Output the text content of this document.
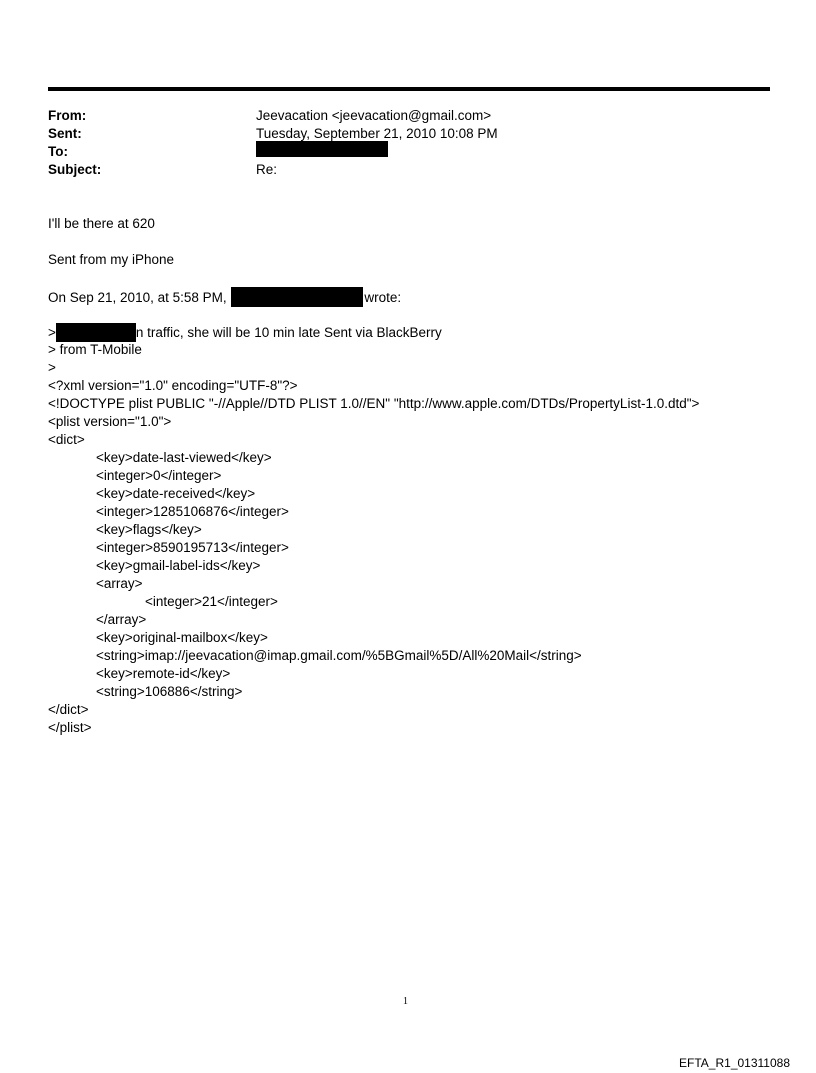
From:	Jeevacation <jeevacation@gmail.com>
Sent:	Tuesday, September 21, 2010 10:08 PM
To:
Subject:	Re:
I'll be there at 620
Sent from my iPhone
On Sep 21, 2010, at 5:58 PM,	wrote:
>	n traffic, she will be 10 min late Sent via BlackBerry
> from T-Mobile
>
<?xml version="1.0" encoding="UTF-8"?>
<!DOCTYPE plist PUBLIC "-//Apple//DTD PLIST 1.0//EN" "http://www.apple.com/DTDs/PropertyList-1.0.dtd">
<plist version="1.0">
<dict>
<key>date-last-viewed</key>
<integer>0</integer>
<key>date-received</key>
<integer>1285106876</integer>
<key>flags</key>
<integer>8590195713</integer>
<key>gmail-label-ids</key>
<array>
<integer>21</integer>
</array>
<key>original-mailbox</key>
<string>imap://jeevacation@imap.gmail.com/%5BGmail%5D/All%20Mail</string>
<key>remote-id</key>
<string>106886</string>
</dict>
</plist>
1
EFTA_R1_01311088
